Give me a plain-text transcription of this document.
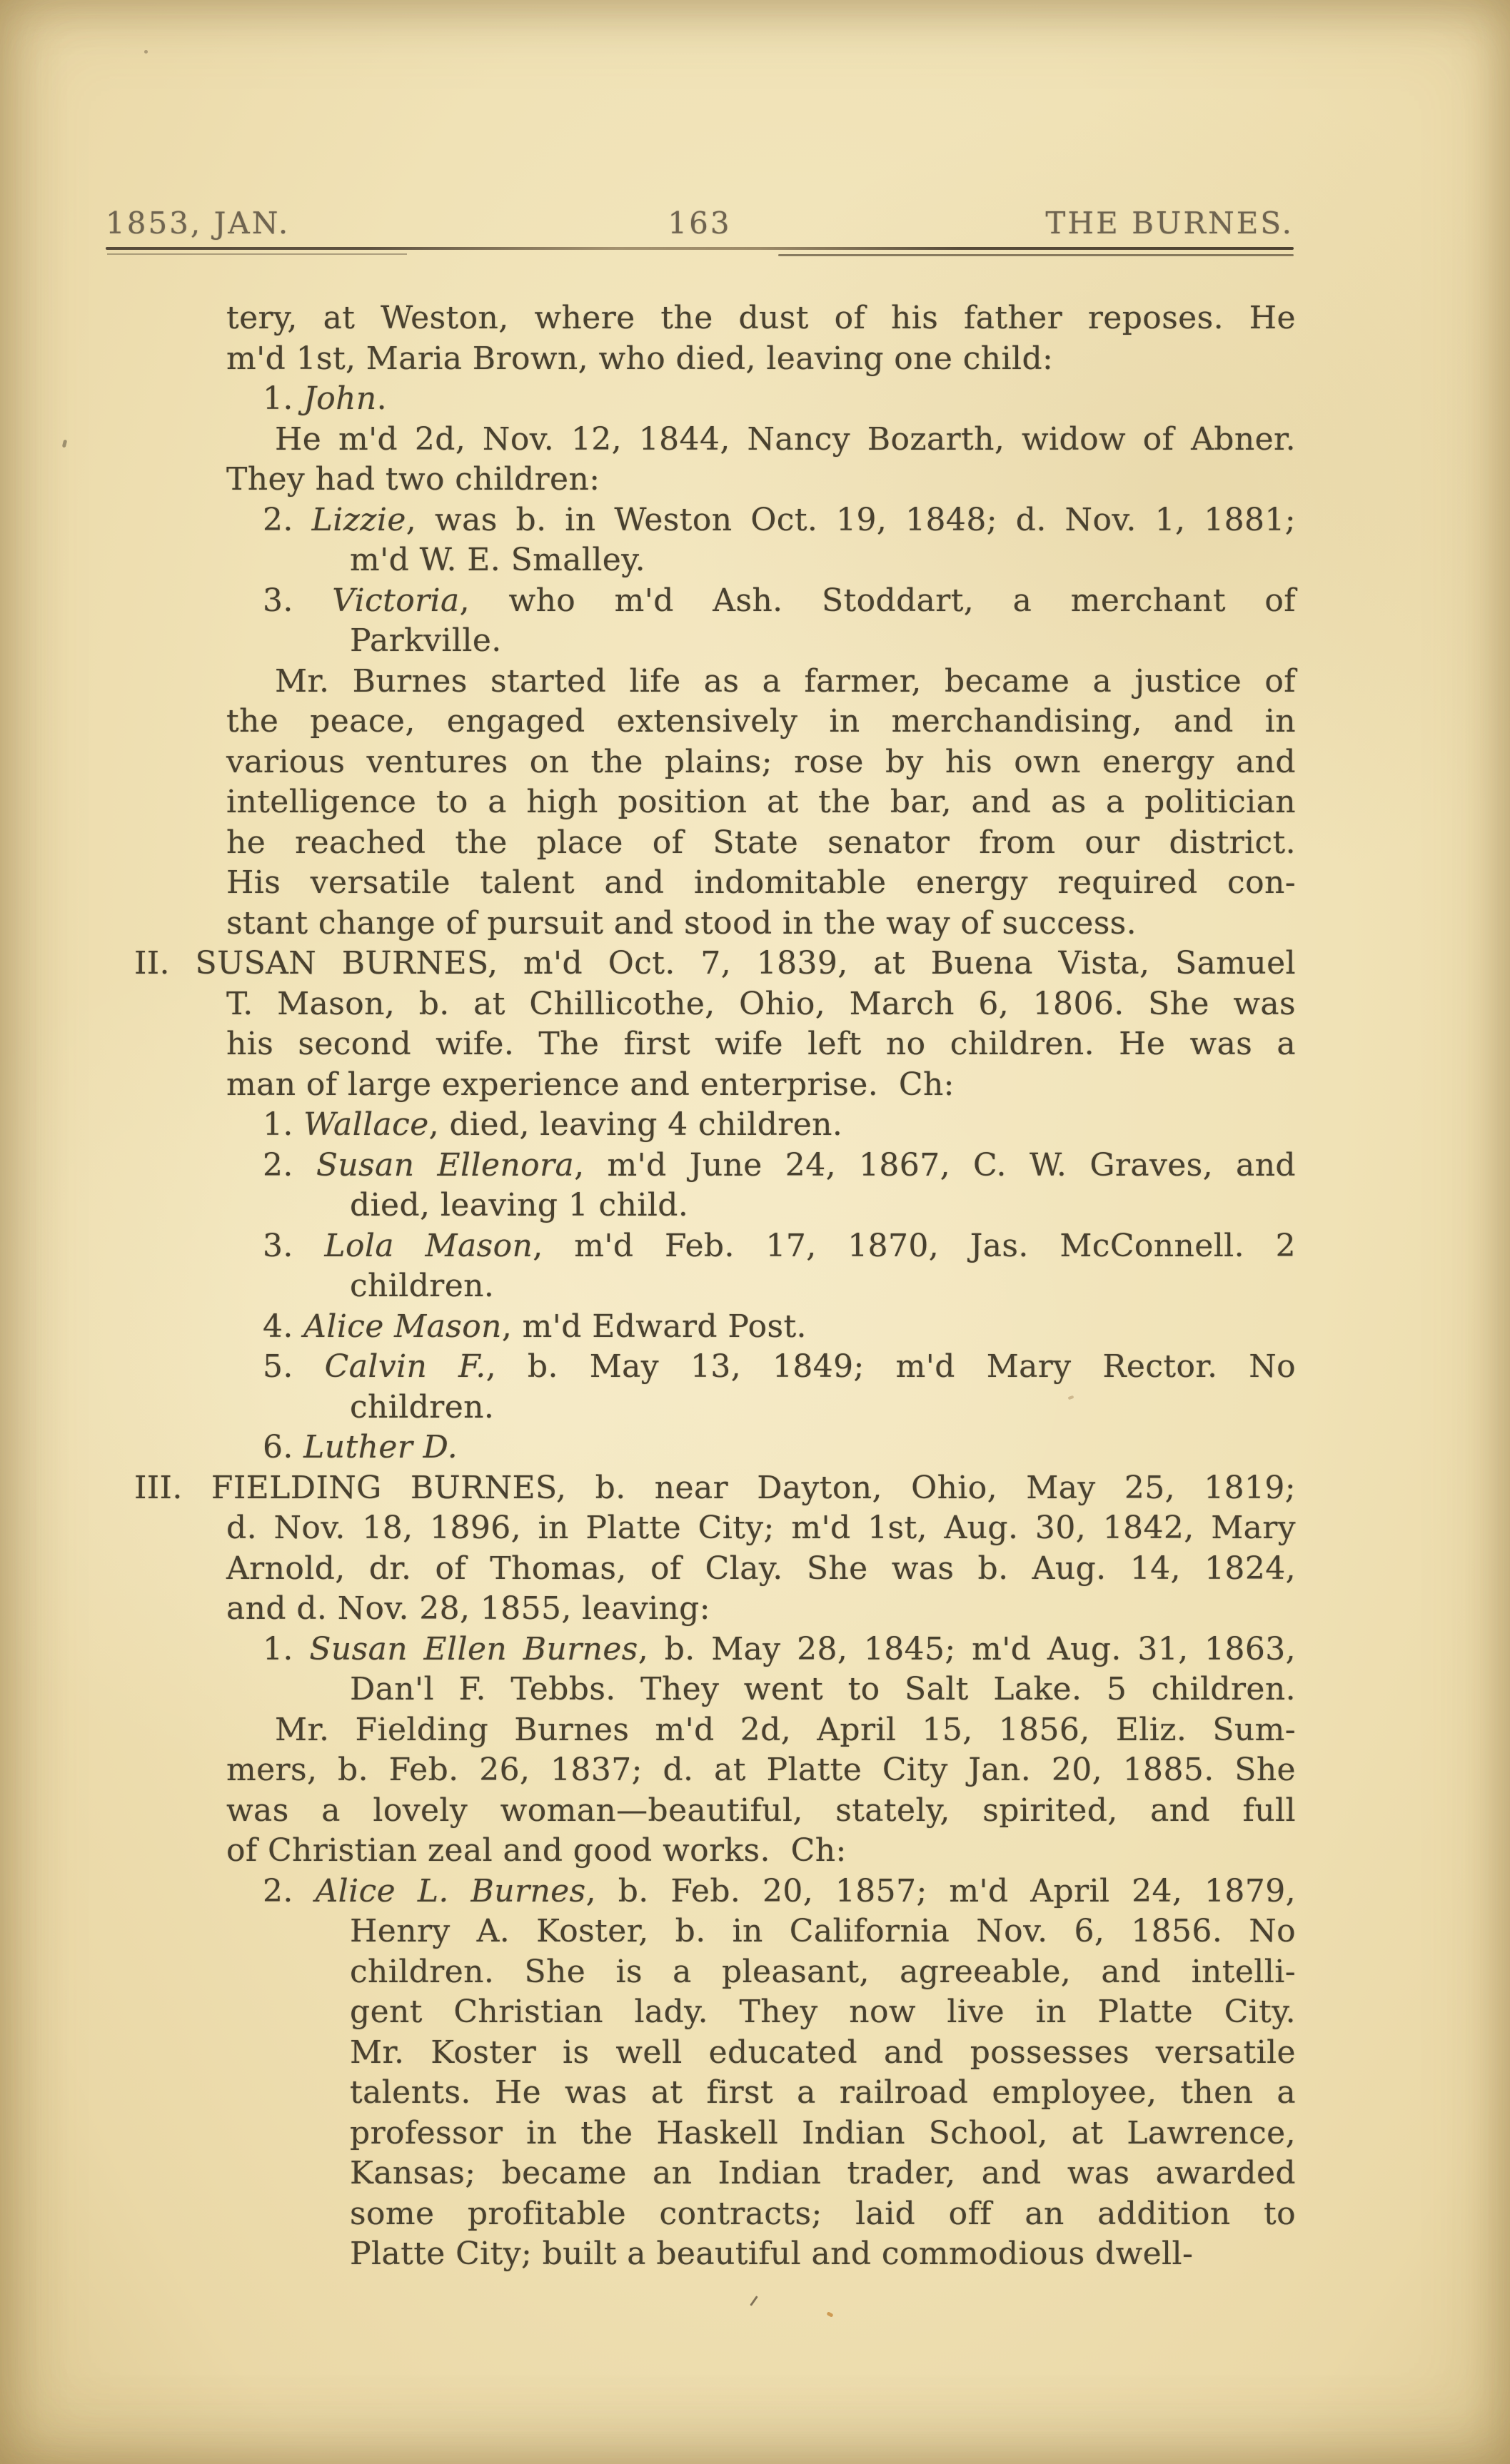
1853, JAN.	163	THE BURNES.
tery, at Weston, where the dust of his father reposes. He
m'd 1st, Maria Brown, who died, leaving one child:
1. John.
He m'd 2d, Nov. 12, 1844, Nancy Bozarth, widow of Abner.
They had two children:
2. Lizzie, was b. in Weston Oct. 19, 1848; d. Nov. 1, 1881;
m'd W. E. Smalley.
3. Victoria, who m'd Ash. Stoddart, a merchant of
Parkville.
Mr. Burnes started life as a farmer, became a justice of
the peace, engaged extensively in merchandising, and in
various ventures on the plains; rose by his own energy and
intelligence to a high position at the bar, and as a politician
he reached the place of State senator from our district.
His versatile talent and indomitable energy required con-
stant change of pursuit and stood in the way of success.
II. SUSAN BURNES, m'd Oct. 7, 1839, at Buena Vista, Samuel
T. Mason, b. at Chillicothe, Ohio, March 6, 1806. She was
his second wife. The first wife left no children. He was a
man of large experience and enterprise.  Ch:
1. Wallace, died, leaving 4 children.
2. Susan Ellenora, m'd June 24, 1867, C. W. Graves, and
died, leaving 1 child.
3. Lola Mason, m'd Feb. 17, 1870, Jas. McConnell. 2
children.
4. Alice Mason, m'd Edward Post.
5. Calvin F., b. May 13, 1849; m'd Mary Rector. No
children.
6. Luther D.
III. FIELDING BURNES, b. near Dayton, Ohio, May 25, 1819;
d. Nov. 18, 1896, in Platte City; m'd 1st, Aug. 30, 1842, Mary
Arnold, dr. of Thomas, of Clay. She was b. Aug. 14, 1824,
and d. Nov. 28, 1855, leaving:
1. Susan Ellen Burnes, b. May 28, 1845; m'd Aug. 31, 1863,
Dan'l F. Tebbs. They went to Salt Lake. 5 children.
Mr. Fielding Burnes m'd 2d, April 15, 1856, Eliz. Sum-
mers, b. Feb. 26, 1837; d. at Platte City Jan. 20, 1885. She
was a lovely woman—beautiful, stately, spirited, and full
of Christian zeal and good works.  Ch:
2. Alice L. Burnes, b. Feb. 20, 1857; m'd April 24, 1879,
Henry A. Koster, b. in California Nov. 6, 1856. No
children. She is a pleasant, agreeable, and intelli-
gent Christian lady. They now live in Platte City.
Mr. Koster is well educated and possesses versatile
talents. He was at first a railroad employee, then a
professor in the Haskell Indian School, at Lawrence,
Kansas; became an Indian trader, and was awarded
some profitable contracts; laid off an addition to
Platte City; built a beautiful and commodious dwell-
